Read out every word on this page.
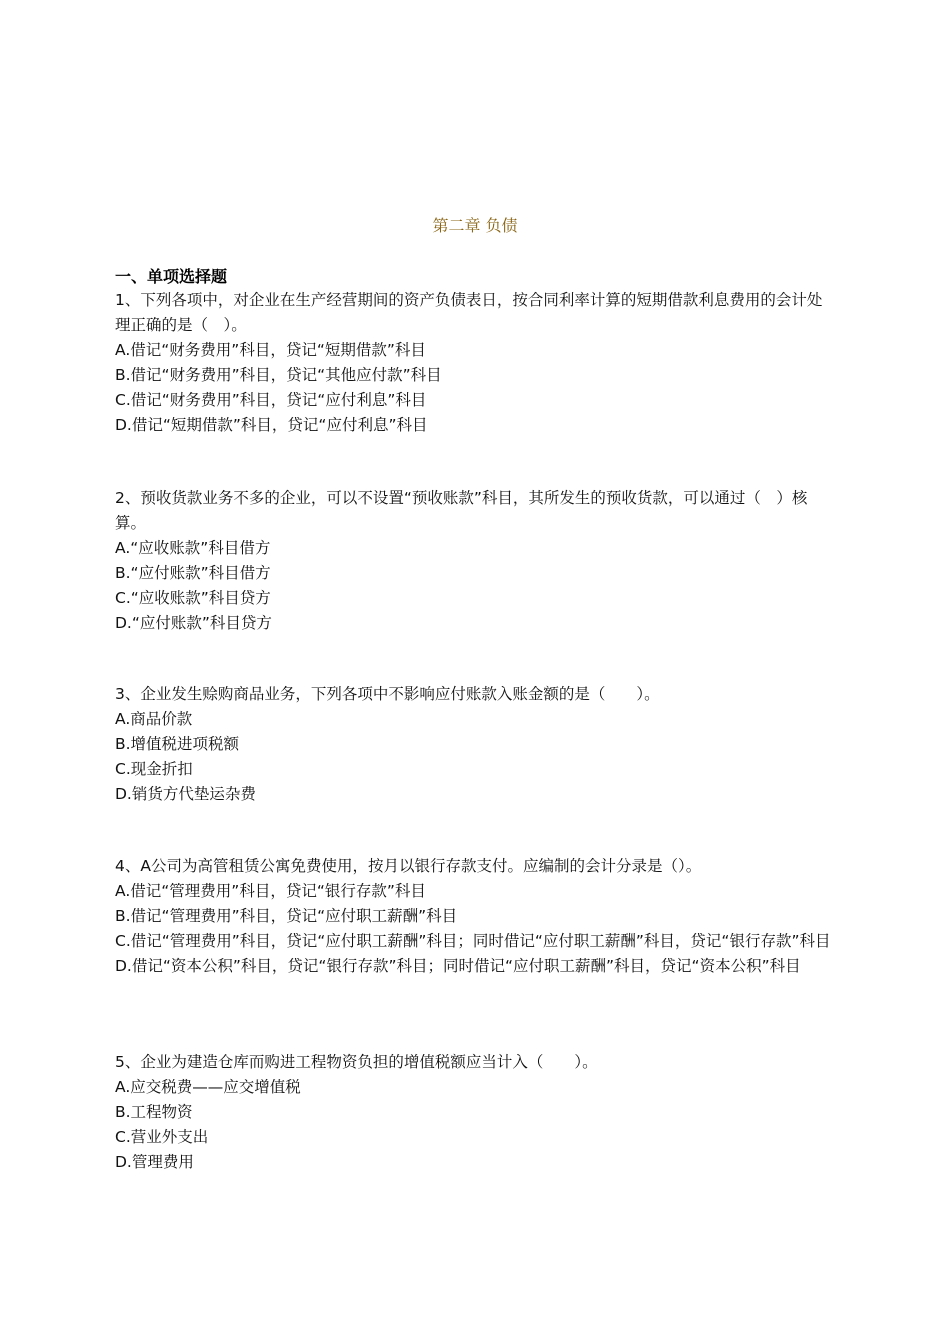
第二章 负债
一、单项选择题

1、下列各项中，对企业在生产经营期间的资产负债表日，按合同利率计算的短期借款利息费用的会计处理正确的是（　）。

A.借记“财务费用”科目，贷记“短期借款”科目

B.借记“财务费用”科目，贷记“其他应付款”科目

C.借记“财务费用”科目，贷记“应付利息”科目

D.借记“短期借款”科目，贷记“应付利息”科目

2、预收货款业务不多的企业，可以不设置“预收账款”科目，其所发生的预收货款，可以通过（　）核算。

A.“应收账款”科目借方

B.“应付账款”科目借方

C.“应收账款”科目贷方

D.“应付账款”科目贷方

3、企业发生赊购商品业务，下列各项中不影响应付账款入账金额的是（　　）。

A.商品价款

B.增值税进项税额

C.现金折扣

D.销货方代垫运杂费

4、A公司为高管租赁公寓免费使用，按月以银行存款支付。应编制的会计分录是（）。

A.借记“管理费用”科目，贷记“银行存款”科目

B.借记“管理费用”科目，贷记“应付职工薪酬”科目

C.借记“管理费用”科目，贷记“应付职工薪酬”科目；同时借记“应付职工薪酬”科目，贷记“银行存款”科目

D.借记“资本公积”科目，贷记“银行存款”科目；同时借记“应付职工薪酬”科目，贷记“资本公积”科目

5、企业为建造仓库而购进工程物资负担的增值税额应当计入（　　）。

A.应交税费——应交增值税

B.工程物资

C.营业外支出

D.管理费用
